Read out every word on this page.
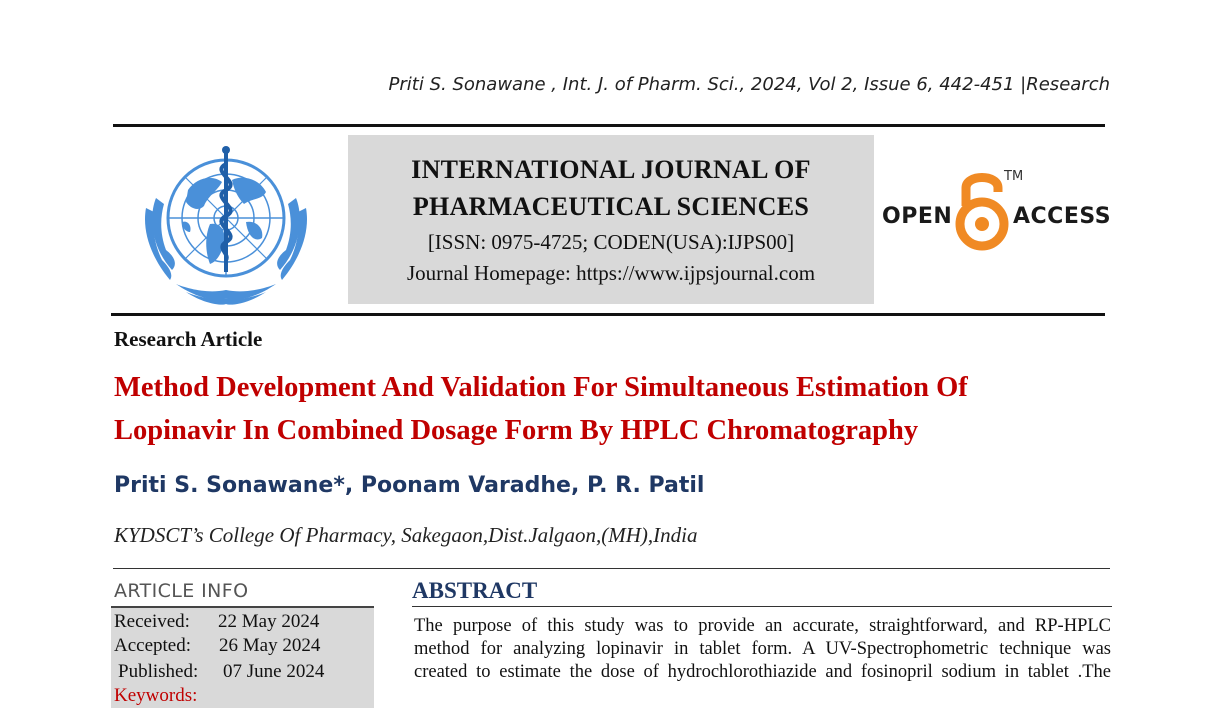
Priti S. Sonawane , Int. J. of Pharm. Sci., 2024, Vol 2, Issue 6, 442-451 |Research
INTERNATIONAL JOURNAL OF
PHARMACEUTICAL SCIENCES
[ISSN: 0975-4725; CODEN(USA):IJPS00]
Journal Homepage: https://www.ijpsjournal.com
OPEN
TM
ACCESS
Research Article
Method Development And Validation For Simultaneous Estimation Of
Lopinavir In Combined Dosage Form By HPLC Chromatography
Priti S. Sonawane*, Poonam Varadhe, P. R. Patil
KYDSCT’s College Of Pharmacy, Sakegaon,Dist.Jalgaon,(MH),India
ARTICLE INFO
Received: 22 May 2024
Accepted: 26 May 2024
Published: 07 June 2024
Keywords:
ABSTRACT
The purpose of this study was to provide an accurate, straightforward, and RP-HPLC
method for analyzing lopinavir in tablet form. A UV-Spectrophometric technique was
created to estimate the dose of hydrochlorothiazide and fosinopril sodium in tablet .The
